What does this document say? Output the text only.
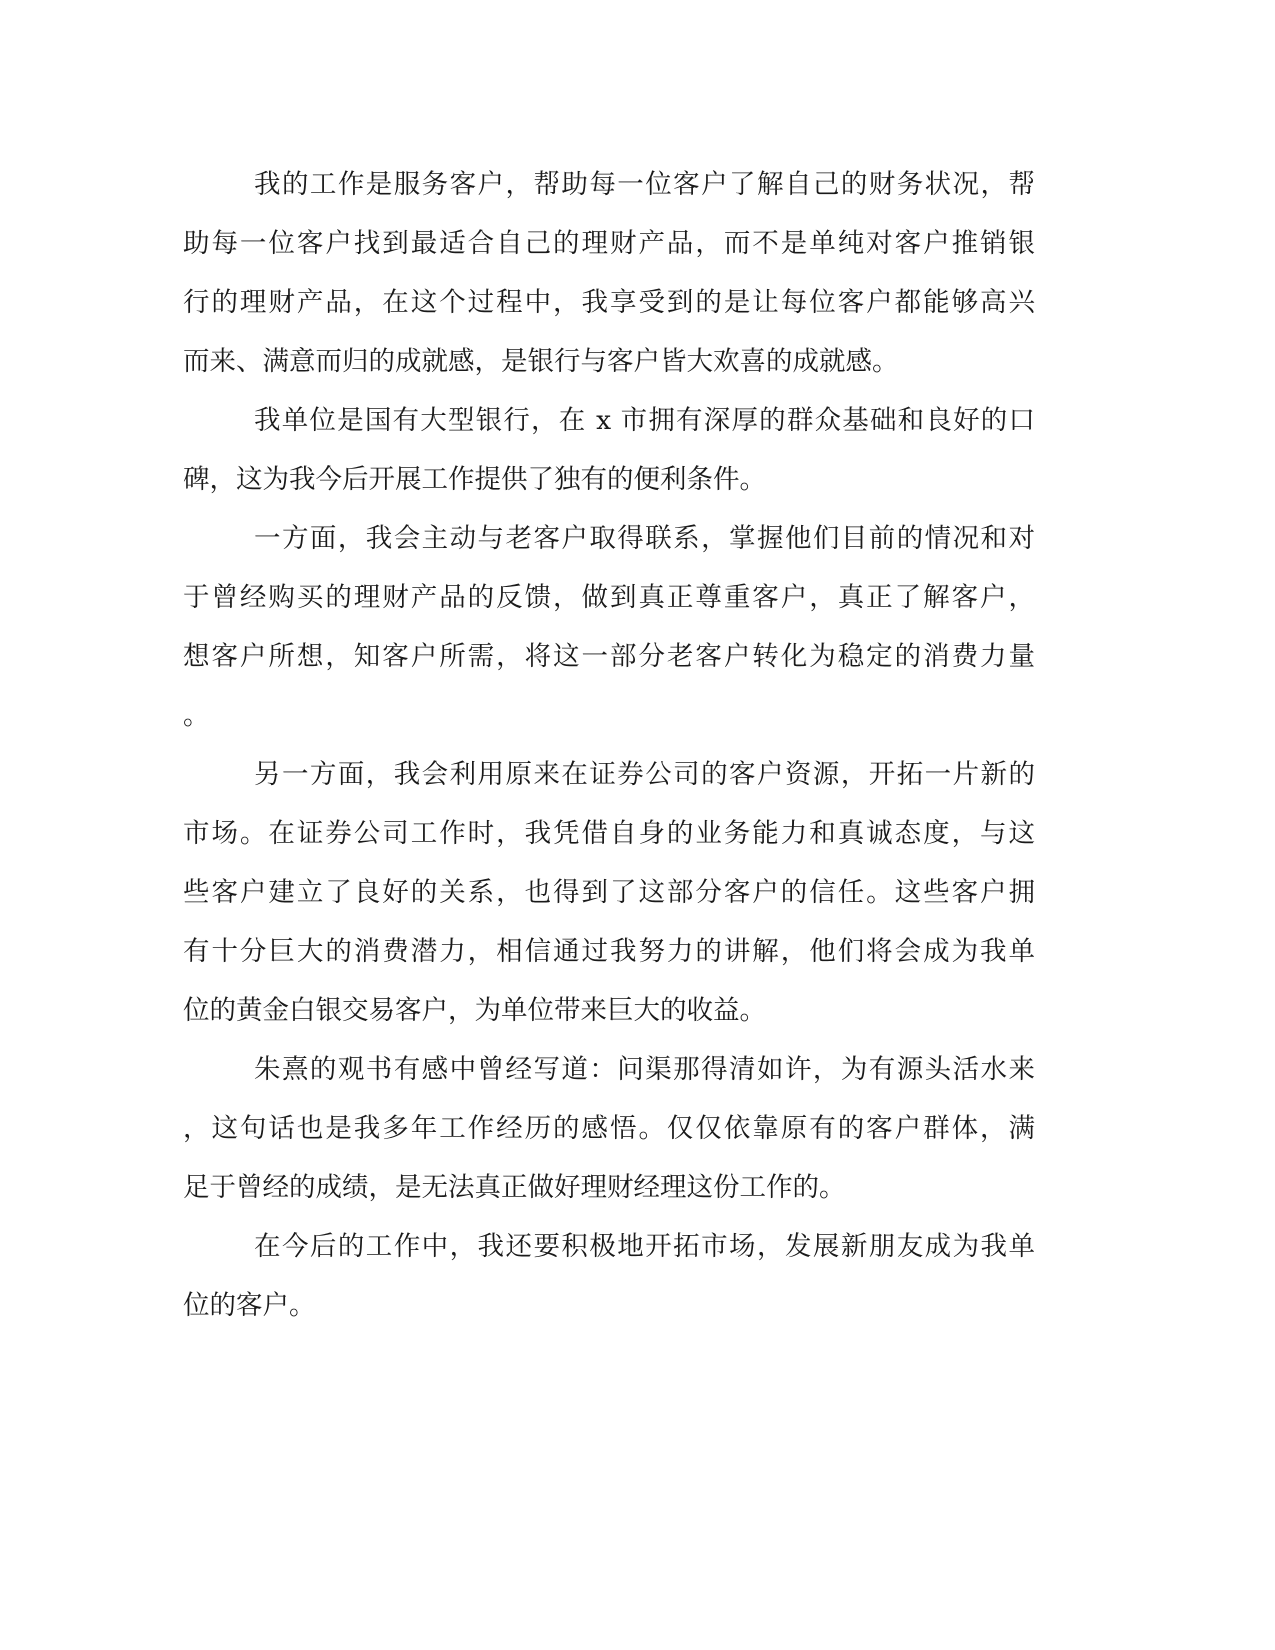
我的工作是服务客户，帮助每一位客户了解自己的财务状况，帮
助每一位客户找到最适合自己的理财产品，而不是单纯对客户推销银
行的理财产品，在这个过程中，我享受到的是让每位客户都能够高兴
而来、满意而归的成就感，是银行与客户皆大欢喜的成就感。
我单位是国有大型银行，在 x 市拥有深厚的群众基础和良好的口
碑，这为我今后开展工作提供了独有的便利条件。
一方面，我会主动与老客户取得联系，掌握他们目前的情况和对
于曾经购买的理财产品的反馈，做到真正尊重客户，真正了解客户，
想客户所想，知客户所需，将这一部分老客户转化为稳定的消费力量
。
另一方面，我会利用原来在证券公司的客户资源，开拓一片新的
市场。在证券公司工作时，我凭借自身的业务能力和真诚态度，与这
些客户建立了良好的关系，也得到了这部分客户的信任。这些客户拥
有十分巨大的消费潜力，相信通过我努力的讲解，他们将会成为我单
位的黄金白银交易客户，为单位带来巨大的收益。
朱熹的观书有感中曾经写道：问渠那得清如许，为有源头活水来
，这句话也是我多年工作经历的感悟。仅仅依靠原有的客户群体，满
足于曾经的成绩，是无法真正做好理财经理这份工作的。
在今后的工作中，我还要积极地开拓市场，发展新朋友成为我单
位的客户。
